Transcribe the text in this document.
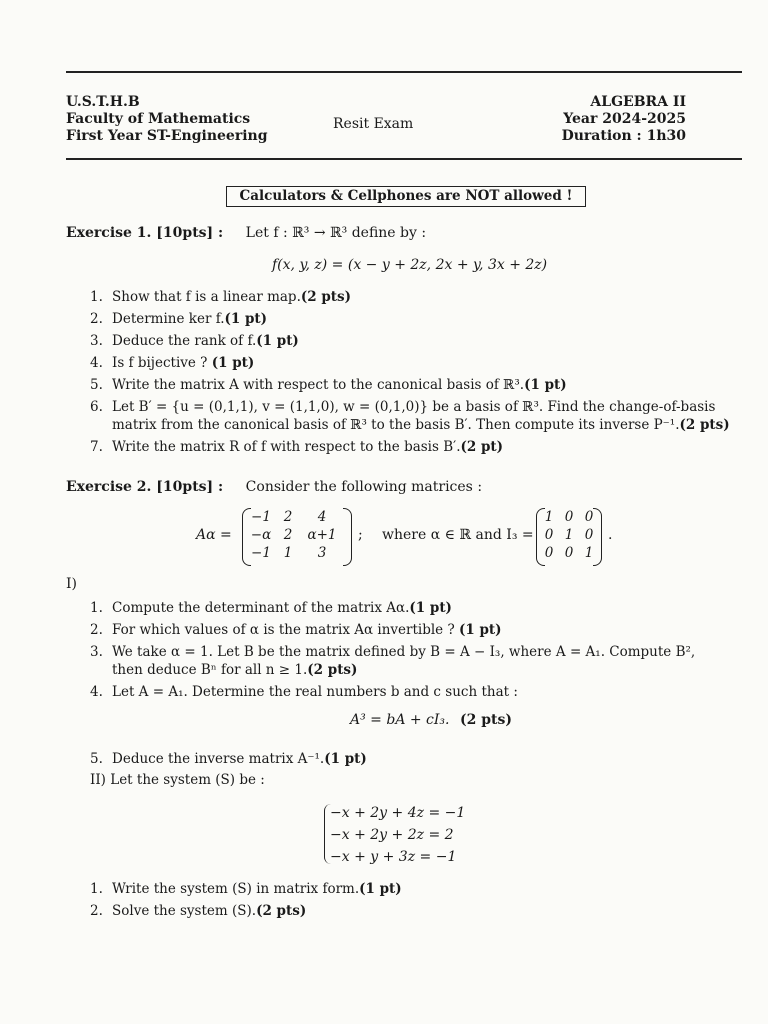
U.S.T.H.B
Faculty of Mathematics
First Year ST-Engineering
Resit Exam
ALGEBRA II
Year 2024-2025
Duration : 1h30
Calculators & Cellphones are NOT allowed !
Exercise 1. [10pts] : Let f : ℝ³ → ℝ³ define by :
f(x, y, z) = (x − y + 2z, 2x + y, 3x + 2z)
1. Show that f is a linear map.(2 pts)
2. Determine ker f.(1 pt)
3. Deduce the rank of f.(1 pt)
4. Is f bijective ? (1 pt)
5. Write the matrix A with respect to the canonical basis of ℝ³.(1 pt)
6. Let B′ = {u = (0,1,1), v = (1,1,0), w = (0,1,0)} be a basis of ℝ³. Find the change-of-basis matrix from the canonical basis of ℝ³ to the basis B′. Then compute its inverse P⁻¹.(2 pts)
7. Write the matrix R of f with respect to the basis B′.(2 pt)
Exercise 2. [10pts] : Consider the following matrices :
Aα =
−1 2	4
−α 2	α+1
−1 1	3
; where α ∈ ℝ and I₃ =
1 0 0
0 1 0
0 0 1
.
I)
1. Compute the determinant of the matrix Aα.(1 pt)
2. For which values of α is the matrix Aα invertible ? (1 pt)
3. We take α = 1. Let B be the matrix defined by B = A − I₃, where A = A₁. Compute B², then deduce Bⁿ for all n ≥ 1.(2 pts)
4. Let A = A₁. Determine the real numbers b and c such that :
A³ = bA + cI₃. (2 pts)
5. Deduce the inverse matrix A⁻¹.(1 pt)
II) Let the system (S) be :
−x + 2y + 4z = −1
−x + 2y + 2z = 2
−x + y + 3z = −1
1. Write the system (S) in matrix form.(1 pt)
2. Solve the system (S).(2 pts)
